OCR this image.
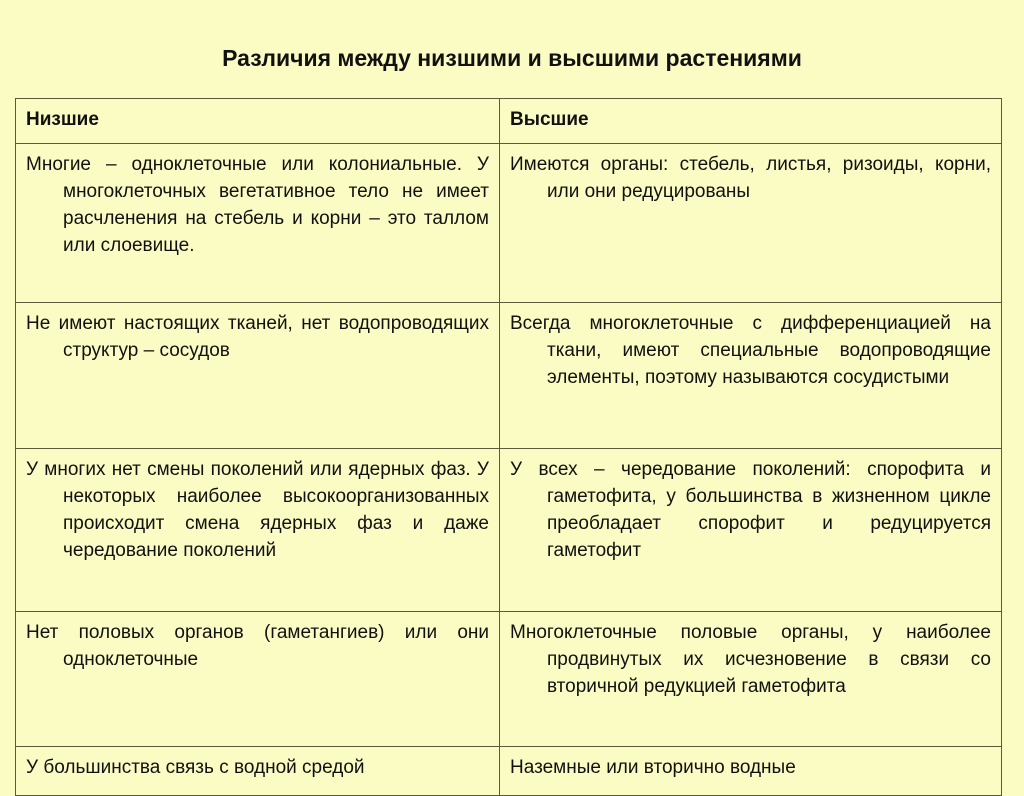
Различия между низшими и высшими растениями
Низшие	Высшие

Многие – одноклеточные или колониальные. У многоклеточных вегетативное тело не имеет расчленения на стебель и корни – это таллом или слоевище.	Имеются органы: стебель, листья, ризоиды, корни, или они редуцированы

Не имеют настоящих тканей, нет водопроводящих структур – сосудов	Всегда многоклеточные с дифференциацией на ткани, имеют специальные водопроводящие элементы, поэтому называются сосудистыми

У многих нет смены поколений или ядерных фаз. У некоторых наиболее высокоорганизованных происходит смена ядерных фаз и даже чередование поколений	У всех – чередование поколений: спорофита и гаметофита, у большинства в жизненном цикле преобладает спорофит и редуцируется гаметофит

Нет половых органов (гаметангиев) или они одноклеточные	Многоклеточные половые органы, у наиболее продвинутых их исчезновение в связи со вторичной редукцией гаметофита

У большинства связь с водной средой	Наземные или вторично водные
